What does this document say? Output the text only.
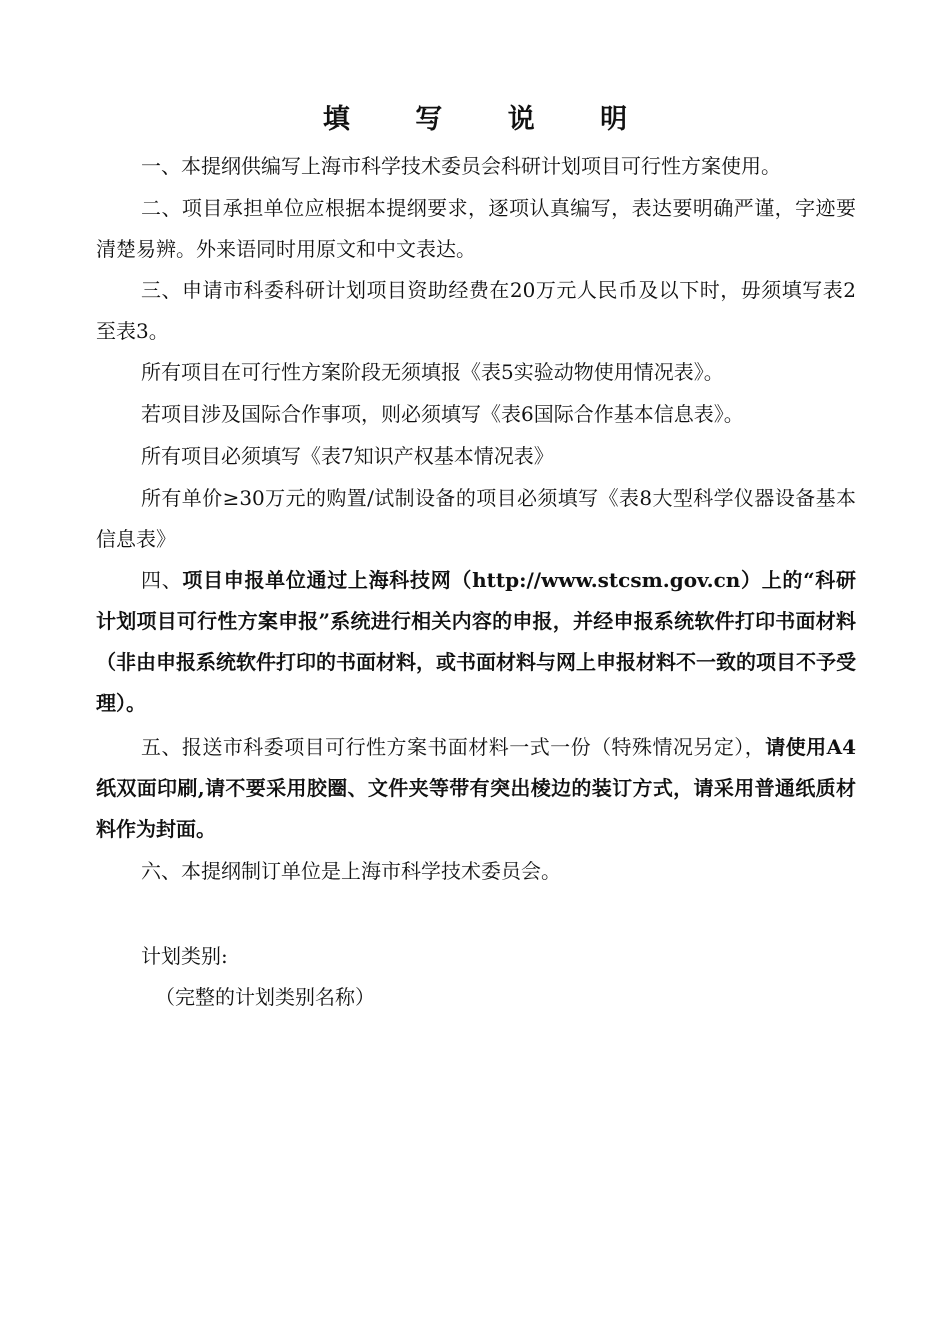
填 写 说 明
一、本提纲供编写上海市科学技术委员会科研计划项目可行性方案使用。
二、项目承担单位应根据本提纲要求，逐项认真编写，表达要明确严谨，字迹要清楚易辨。外来语同时用原文和中文表达。
三、申请市科委科研计划项目资助经费在20万元人民币及以下时，毋须填写表2至表3。
所有项目在可行性方案阶段无须填报《表5实验动物使用情况表》。
若项目涉及国际合作事项，则必须填写《表6国际合作基本信息表》。
所有项目必须填写《表7知识产权基本情况表》
所有单价≥30万元的购置/试制设备的项目必须填写《表8大型科学仪器设备基本信息表》
四、项目申报单位通过上海科技网（http://www.stcsm.gov.cn）上的“科研计划项目可行性方案申报”系统进行相关内容的申报，并经申报系统软件打印书面材料（非由申报系统软件打印的书面材料，或书面材料与网上申报材料不一致的项目不予受理）。
五、报送市科委项目可行性方案书面材料一式一份（特殊情况另定），请使用A4纸双面印刷,请不要采用胶圈、文件夹等带有突出棱边的装订方式，请采用普通纸质材料作为封面。
六、本提纲制订单位是上海市科学技术委员会。
计划类别:
（完整的计划类别名称）
